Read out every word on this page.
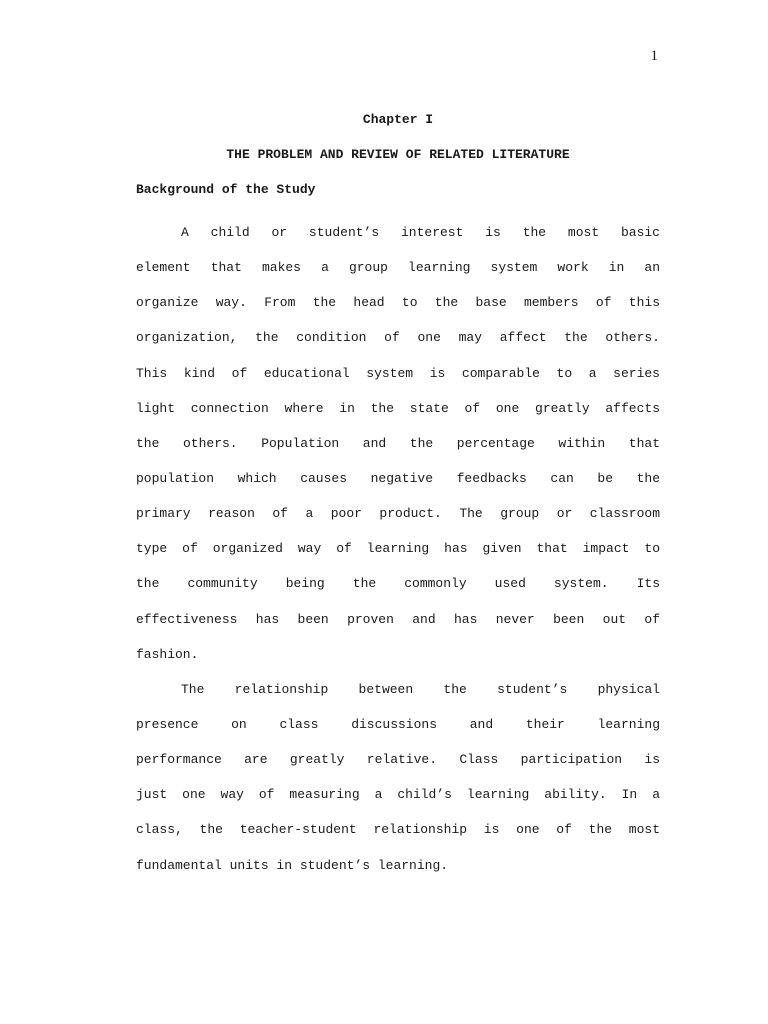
1
Chapter I
THE PROBLEM AND REVIEW OF RELATED LITERATURE
Background of the Study
A child or student’s interest is the most basic
element that makes a group learning system work in an
organize way. From the head to the base members of this
organization, the condition of one may affect the others.
This kind of educational system is comparable to a series
light connection where in the state of one greatly affects
the others. Population and the percentage within that
population which causes negative feedbacks can be the
primary reason of a poor product. The group or classroom
type of organized way of learning has given that impact to
the community being the commonly used system. Its
effectiveness has been proven and has never been out of
fashion.
The relationship between the student’s physical
presence on class discussions and their learning
performance are greatly relative. Class participation is
just one way of measuring a child’s learning ability. In a
class, the teacher-student relationship is one of the most
fundamental units in student’s learning.
